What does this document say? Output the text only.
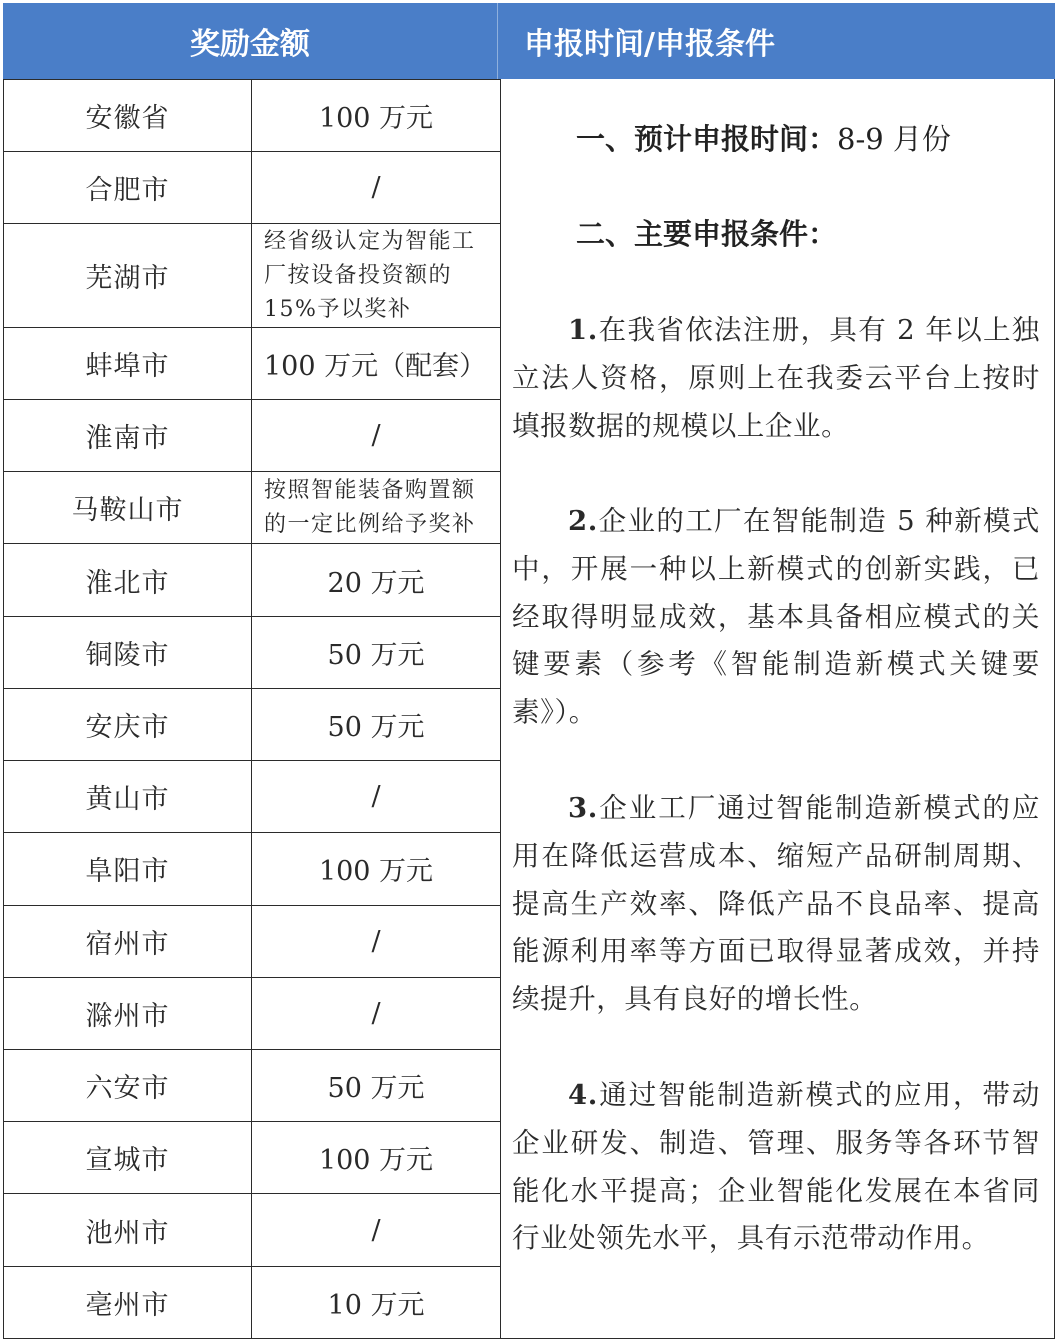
奖励金额	申报时间/申报条件
安徽省	100 万元
合肥市	/
芜湖市	经省级认定为智能工厂按设备投资额的 15%予以奖补
蚌埠市	100 万元（配套）
淮南市	/
马鞍山市	按照智能装备购置额的一定比例给予奖补
淮北市	20 万元
铜陵市	50 万元
安庆市	50 万元
黄山市	/
阜阳市	100 万元
宿州市	/
滁州市	/
六安市	50 万元
宣城市	100 万元
池州市	/
亳州市	10 万元
一、预计申报时间：8-9 月份
二、主要申报条件：

1.在我省依法注册，具有 2 年以上独立法人资格，原则上在我委云平台上按时填报数据的规模以上企业。

2.企业的工厂在智能制造 5 种新模式中，开展一种以上新模式的创新实践，已经取得明显成效，基本具备相应模式的关键要素（参考《智能制造新模式关键要素》）。

3.企业工厂通过智能制造新模式的应用在降低运营成本、缩短产品研制周期、提高生产效率、降低产品不良品率、提高能源利用率等方面已取得显著成效，并持续提升，具有良好的增长性。

4.通过智能制造新模式的应用，带动企业研发、制造、管理、服务等各环节智能化水平提高；企业智能化发展在本省同行业处领先水平，具有示范带动作用。
